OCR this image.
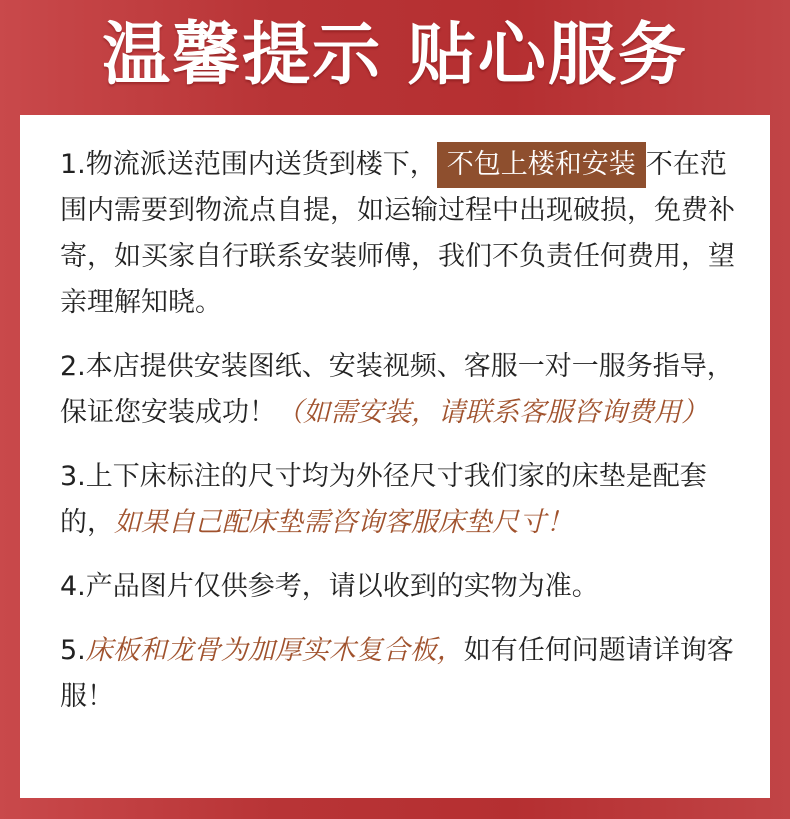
温馨提示 贴心服务

1.物流派送范围内送货到楼下， 不包上楼和安装 不在范围内需要到物流点自提，如运输过程中出现破损，免费补寄，如买家自行联系安装师傅，我们不负责任何费用，望亲理解知晓。

2.本店提供安装图纸、安装视频、客服一对一服务指导，保证您安装成功！（如需安装，请联系客服咨询费用）

3.上下床标注的尺寸均为外径尺寸我们家的床垫是配套的，如果自己配床垫需咨询客服床垫尺寸！

4.产品图片仅供参考，请以收到的实物为准。

5.床板和龙骨为加厚实木复合板，如有任何问题请详询客服！
